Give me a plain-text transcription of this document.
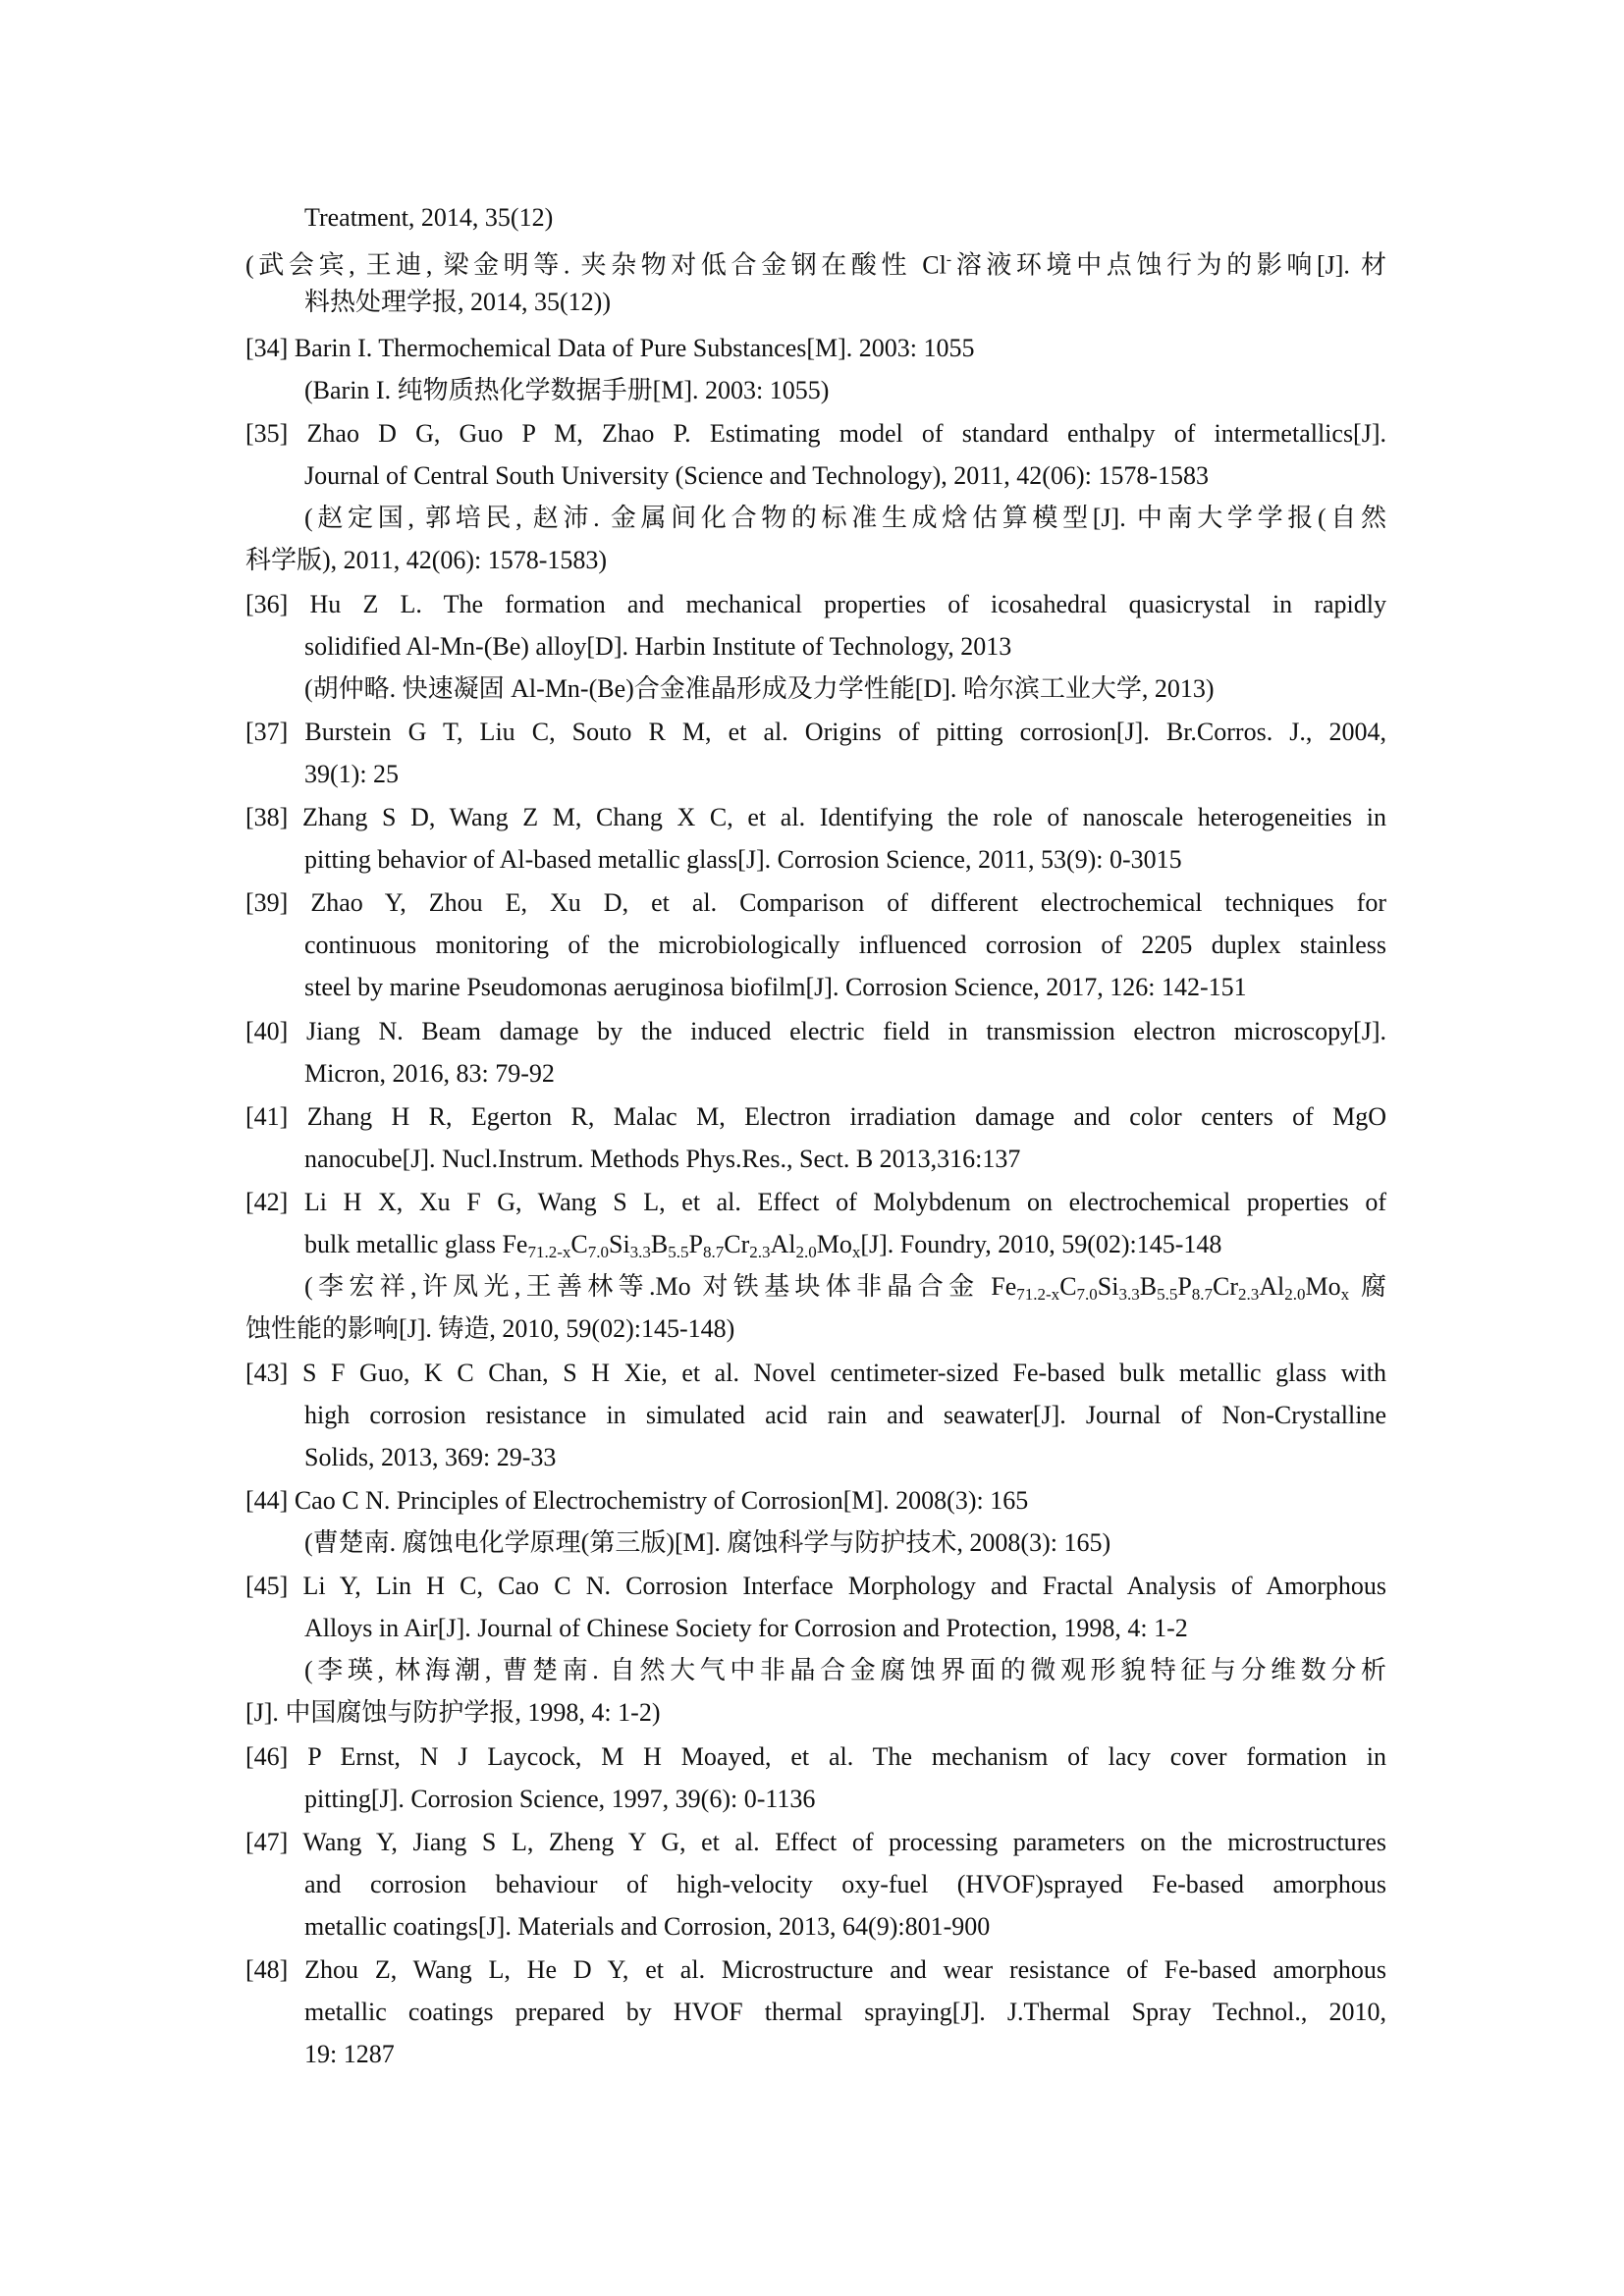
Treatment, 2014, 35(12)
(武会宾, 王迪, 梁金明等. 夹杂物对低合金钢在酸性 Cl-溶液环境中点蚀行为的影响[J]. 材
料热处理学报, 2014, 35(12))
[34] Barin I. Thermochemical Data of Pure Substances[M]. 2003: 1055
(Barin I. 纯物质热化学数据手册[M]. 2003: 1055)
[35] Zhao D G, Guo P M, Zhao P. Estimating model of standard enthalpy of intermetallics[J].
Journal of Central South University (Science and Technology), 2011, 42(06): 1578-1583
(赵定国, 郭培民, 赵沛. 金属间化合物的标准生成焓估算模型[J]. 中南大学学报(自然
科学版), 2011, 42(06): 1578-1583)
[36] Hu Z L. The formation and mechanical properties of icosahedral quasicrystal in rapidly
solidified Al-Mn-(Be) alloy[D]. Harbin Institute of Technology, 2013
(胡仲略. 快速凝固 Al-Mn-(Be)合金准晶形成及力学性能[D]. 哈尔滨工业大学, 2013)
[37] Burstein G T, Liu C, Souto R M, et al. Origins of pitting corrosion[J]. Br.Corros. J., 2004,
39(1): 25
[38] Zhang S D, Wang Z M, Chang X C, et al. Identifying the role of nanoscale heterogeneities in
pitting behavior of Al-based metallic glass[J]. Corrosion Science, 2011, 53(9): 0-3015
[39] Zhao Y, Zhou E, Xu D, et al. Comparison of different electrochemical techniques for
continuous monitoring of the microbiologically influenced corrosion of 2205 duplex stainless
steel by marine Pseudomonas aeruginosa biofilm[J]. Corrosion Science, 2017, 126: 142-151
[40] Jiang N. Beam damage by the induced electric field in transmission electron microscopy[J].
Micron, 2016, 83: 79-92
[41] Zhang H R, Egerton R, Malac M, Electron irradiation damage and color centers of MgO
nanocube[J]. Nucl.Instrum. Methods Phys.Res., Sect. B 2013,316:137
[42] Li H X, Xu F G, Wang S L, et al. Effect of Molybdenum on electrochemical properties of
bulk metallic glass $Fe_{71.2-x}C_{7.0}Si_{3.3}B_{5.5}P_{8.7}Cr_{2.3}Al_{2.0}Mo_x[J]$. Foundry, 2010, 59(02):145-148
(李宏祥,许凤光,王善林等.Mo 对铁基块体非晶合金 $Fe_{71.2-x}C_{7.0}Si_{3.3}B_{5.5}P_{8.7}Cr_{2.3}Al_{2.0}Mo_x$ 腐
蚀性能的影响[J]. 铸造, 2010, 59(02):145-148)
[43] S F Guo, K C Chan, S H Xie, et al. Novel centimeter-sized Fe-based bulk metallic glass with
high corrosion resistance in simulated acid rain and seawater[J]. Journal of Non-Crystalline
Solids, 2013, 369: 29-33
[44] Cao C N. Principles of Electrochemistry of Corrosion[M]. 2008(3): 165
(曹楚南. 腐蚀电化学原理(第三版)[M]. 腐蚀科学与防护技术, 2008(3): 165)
[45] Li Y, Lin H C, Cao C N. Corrosion Interface Morphology and Fractal Analysis of Amorphous
Alloys in Air[J]. Journal of Chinese Society for Corrosion and Protection, 1998, 4: 1-2
(李瑛, 林海潮, 曹楚南. 自然大气中非晶合金腐蚀界面的微观形貌特征与分维数分析
[J]. 中国腐蚀与防护学报, 1998, 4: 1-2)
[46] P Ernst, N J Laycock, M H Moayed, et al. The mechanism of lacy cover formation in
pitting[J]. Corrosion Science, 1997, 39(6): 0-1136
[47] Wang Y, Jiang S L, Zheng Y G, et al. Effect of processing parameters on the microstructures
and corrosion behaviour of high-velocity oxy-fuel (HVOF)sprayed Fe-based amorphous
metallic coatings[J]. Materials and Corrosion, 2013, 64(9):801-900
[48] Zhou Z, Wang L, He D Y, et al. Microstructure and wear resistance of Fe-based amorphous
metallic coatings prepared by HVOF thermal spraying[J]. J.Thermal Spray Technol., 2010,
19: 1287
